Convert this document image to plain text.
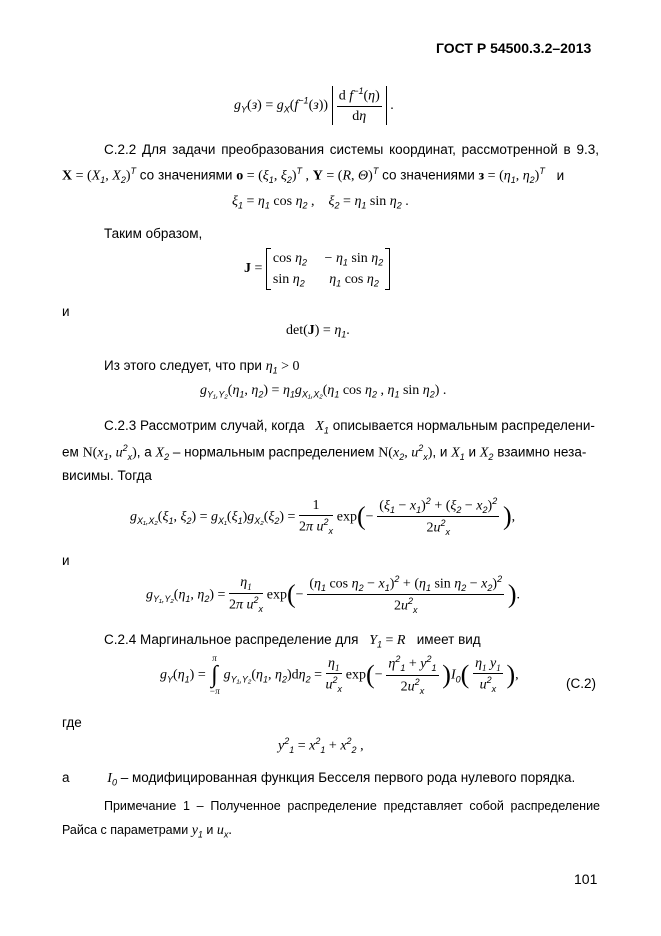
ГОСТ Р 54500.3.2–2013
$g_Y(з) = g_X(f^{-1}(з)) \frac{d f^{-1}(\eta)}{d\eta}$ .
С.2.2 Для задачи преобразования системы координат, рассмотренной в 9.3,
$X = (X_1$, $X_2)^T$ со значениями $o = (\xi_1$, $\xi_2)^T$ , Y = (R, Θ)$^T$ со значениями $з = (\eta_1$, $\eta_2)^T$ и
$\xi_1 = \eta_1$ $\cos \eta_2$ ,    $\xi_2 = \eta_1$ $\sin \eta_2$ .
Таким образом,
J =
$\cos \eta_2$     − $\eta_1$ $\sin \eta_2$
$\sin \eta_2$ $\eta_1$ $\cos \eta_2$
и
$\det(J) = \eta_1$.
Из этого следует, что при $\eta_1 > 0$
$g_{Y_1,Y_2}(\eta_1$, $\eta_2) = \eta_1g_{X_1,X_2}(\eta_1$ $\cos \eta_2$ , $\eta_1$ $\sin \eta_2$) .
С.2.3 Рассмотрим случай, когда   $X_1$ описывается нормальным распределени-
ем $N(x_1$, $u^2_x$), а $X_2$ – нормальным распределением $N(x_2$, $u^2_x$), и $X_1$ и $X_2$ взаимно неза-
висимы. Тогда
$g_{X_1,X_2}(\xi_1$, $\xi_2) = g_{X_1}(\xi_1)g_{X_2}(\xi_2) = \frac{1}{2\pi u^2_x} \exp(- \frac{(\xi_1 - x_1)^2 + (\xi_2 - x_2)^2}{2u^2_x}$ ),
и
$g_{Y_1,Y_2}(\eta_1$, $\eta_2) = \frac{\eta_1}{2\pi u^2_x} \exp(- \frac{(\eta_1 \cos \eta_2 - x_1)^2 + (\eta_1 \sin \eta_2 - x_2)^2}{2u^2_x}$ ).
С.2.4 Маргинальное распределение для   $Y_1 = R$ имеет вид
$g_Y(\eta_1)$ =
π
∫
−π
$g_{Y_1,Y_2}(\eta_1$, $\eta_2)d\eta_2 = \frac{\eta_1}{u^2_x} \exp(- \frac{\eta^2_1 + y^2_1}{2u^2_x} )I_0( \frac{\eta_1 y_1}{u^2_x}$ ),
(С.2)
где
$y^2_1 = x^2_1 + x^2_2$ ,
а	$I_0$ – модифицированная функция Бесселя первого рода нулевого порядка.
Примечание 1 – Полученное распределение представляет собой распределение
Райса с параметрами $y_1$ и $u_x$.
101
